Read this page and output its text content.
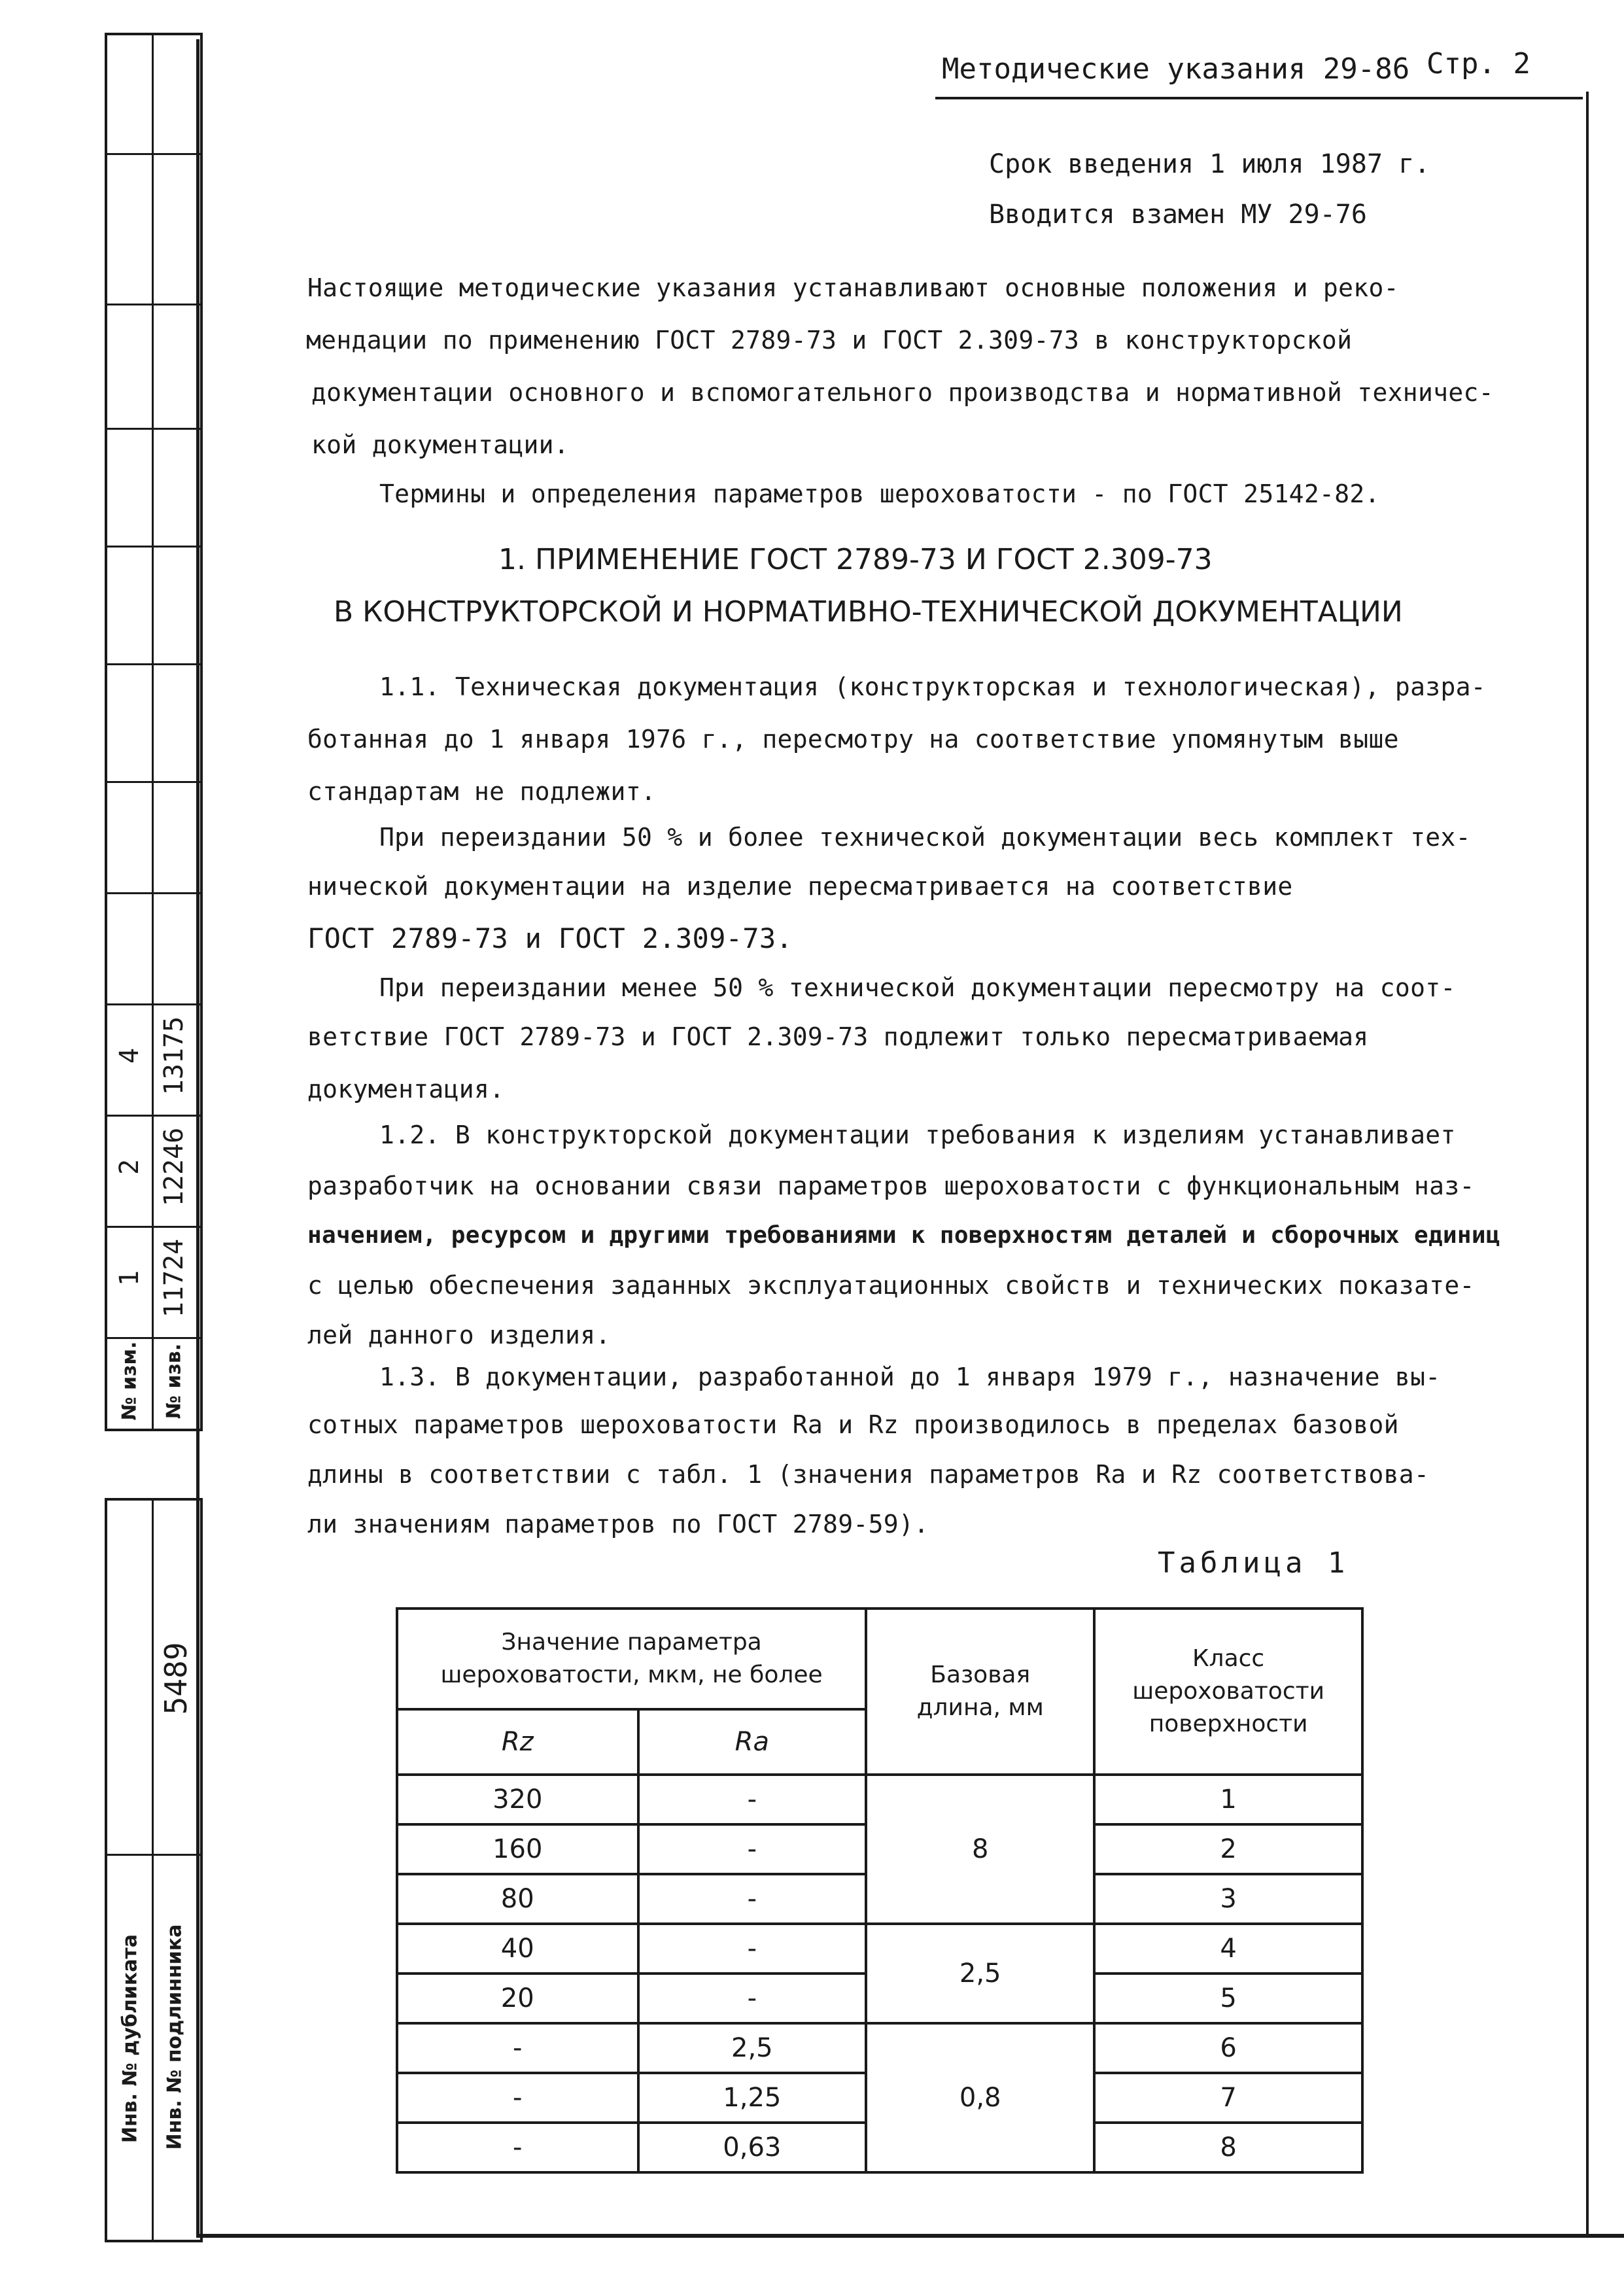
4 13175
2 12246
1 11724
№ изм. № изв.
5489
Инв. № дубликата Инв. № подлинника
Методические указания 29-86 Стр. 2
Срок введения 1 июля 1987 г.
Вводится взамен МУ 29-76
Настоящие методические указания устанавливают основные положения и реко-
мендации по применению ГОСТ 2789-73 и ГОСТ 2.309-73 в конструкторской
документации основного и вспомогательного производства и нормативной техничес-
кой документации.
Термины и определения параметров шероховатости - по ГОСТ 25142-82.
1. ПРИМЕНЕНИЕ ГОСТ 2789-73 И ГОСТ 2.309-73
В КОНСТРУКТОРСКОЙ И НОРМАТИВНО-ТЕХНИЧЕСКОЙ ДОКУМЕНТАЦИИ
1.1. Техническая документация (конструкторская и технологическая), разра-
ботанная до 1 января 1976 г., пересмотру на соответствие упомянутым выше
стандартам не подлежит.
При переиздании 50 % и более технической документации весь комплект тех-
нической документации на изделие пересматривается на соответствие
ГОСТ 2789-73 и ГОСТ 2.309-73.
При переиздании менее 50 % технической документации пересмотру на соот-
ветствие ГОСТ 2789-73 и ГОСТ 2.309-73 подлежит только пересматриваемая
документация.
1.2. В конструкторской документации требования к изделиям устанавливает
разработчик на основании связи параметров шероховатости с функциональным наз-
начением, ресурсом и другими требованиями к поверхностям деталей и сборочных единиц
с целью обеспечения заданных эксплуатационных свойств и технических показате-
лей данного изделия.
1.3. В документации, разработанной до 1 января 1979 г., назначение вы-
сотных параметров шероховатости Ra и Rz производилось в пределах базовой
длины в соответствии с табл. 1 (значения параметров Ra и Rz соответствова-
ли значениям параметров по ГОСТ 2789-59).
Таблица 1
Значение параметра шероховатости, мкм, не более		Базовая длина, мм	Класс шероховатости поверхности
Rz	Ra		
320	-	8	1
160	-		2
80	-		3
40	-	2,5	4
20	-		5
-	2,5	0,8	6
-	1,25		7
-	0,63		8
